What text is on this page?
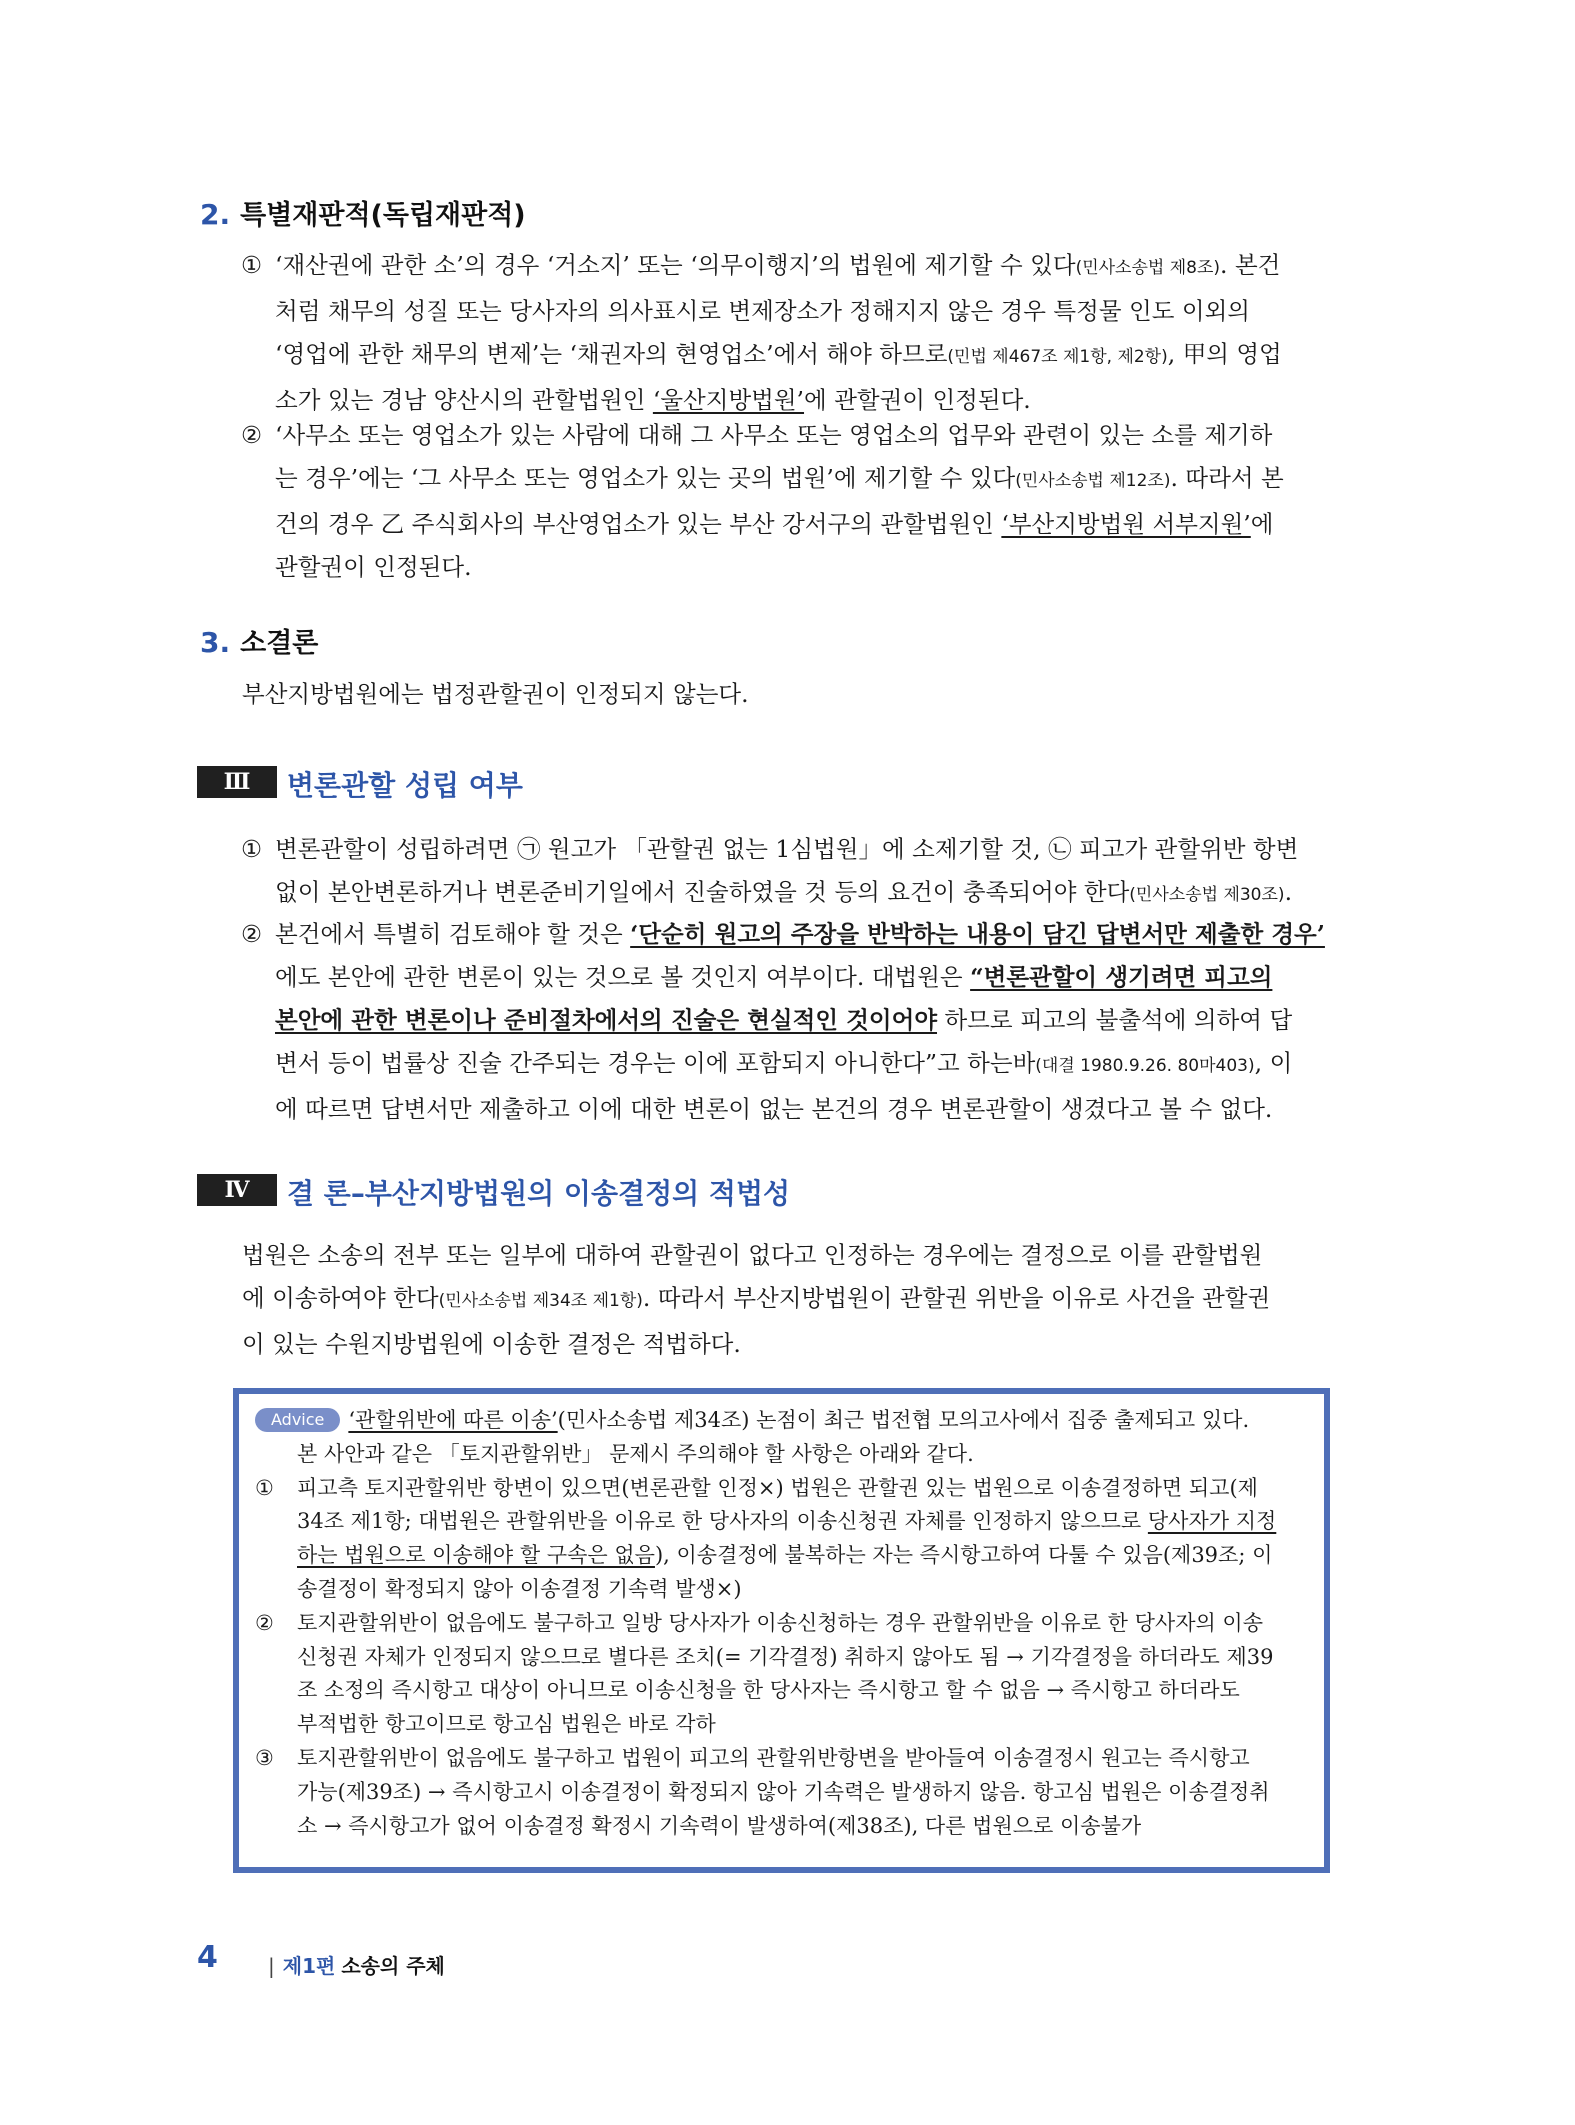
2. 특별재판적(독립재판적)
① ‘재산권에 관한 소’의 경우 ‘거소지’ 또는 ‘의무이행지’의 법원에 제기할 수 있다(민사소송법 제8조). 본건
처럼 채무의 성질 또는 당사자의 의사표시로 변제장소가 정해지지 않은 경우 특정물 인도 이외의
‘영업에 관한 채무의 변제’는 ‘채권자의 현영업소’에서 해야 하므로(민법 제467조 제1항, 제2항), 甲의 영업
소가 있는 경남 양산시의 관할법원인 ‘울산지방법원’에 관할권이 인정된다.
② ‘사무소 또는 영업소가 있는 사람에 대해 그 사무소 또는 영업소의 업무와 관련이 있는 소를 제기하
는 경우’에는 ‘그 사무소 또는 영업소가 있는 곳의 법원’에 제기할 수 있다(민사소송법 제12조). 따라서 본
건의 경우 乙 주식회사의 부산영업소가 있는 부산 강서구의 관할법원인 ‘부산지방법원 서부지원’에
관할권이 인정된다.
3. 소결론
부산지방법원에는 법정관할권이 인정되지 않는다.
Ⅲ	변론관할 성립 여부
① 변론관할이 성립하려면 ㉠ 원고가 「관할권 없는 1심법원」에 소제기할 것, ㉡ 피고가 관할위반 항변
없이 본안변론하거나 변론준비기일에서 진술하였을 것 등의 요건이 충족되어야 한다(민사소송법 제30조).
② 본건에서 특별히 검토해야 할 것은 ‘단순히 원고의 주장을 반박하는 내용이 담긴 답변서만 제출한 경우’
에도 본안에 관한 변론이 있는 것으로 볼 것인지 여부이다. 대법원은 “변론관할이 생기려면 피고의
본안에 관한 변론이나 준비절차에서의 진술은 현실적인 것이어야 하므로 피고의 불출석에 의하여 답
변서 등이 법률상 진술 간주되는 경우는 이에 포함되지 아니한다”고 하는바(대결 1980.9.26. 80마403), 이
에 따르면 답변서만 제출하고 이에 대한 변론이 없는 본건의 경우 변론관할이 생겼다고 볼 수 없다.
Ⅳ	결 론–부산지방법원의 이송결정의 적법성
법원은 소송의 전부 또는 일부에 대하여 관할권이 없다고 인정하는 경우에는 결정으로 이를 관할법원
에 이송하여야 한다(민사소송법 제34조 제1항). 따라서 부산지방법원이 관할권 위반을 이유로 사건을 관할권
이 있는 수원지방법원에 이송한 결정은 적법하다.
Advice ‘관할위반에 따른 이송’(민사소송법 제34조) 논점이 최근 법전협 모의고사에서 집중 출제되고 있다.
본 사안과 같은 「토지관할위반」 문제시 주의해야 할 사항은 아래와 같다.
① 피고측 토지관할위반 항변이 있으면(변론관할 인정×) 법원은 관할권 있는 법원으로 이송결정하면 되고(제
34조 제1항; 대법원은 관할위반을 이유로 한 당사자의 이송신청권 자체를 인정하지 않으므로 당사자가 지정
하는 법원으로 이송해야 할 구속은 없음), 이송결정에 불복하는 자는 즉시항고하여 다툴 수 있음(제39조; 이
송결정이 확정되지 않아 이송결정 기속력 발생×)
② 토지관할위반이 없음에도 불구하고 일방 당사자가 이송신청하는 경우 관할위반을 이유로 한 당사자의 이송
신청권 자체가 인정되지 않으므로 별다른 조치(= 기각결정) 취하지 않아도 됨 → 기각결정을 하더라도 제39
조 소정의 즉시항고 대상이 아니므로 이송신청을 한 당사자는 즉시항고 할 수 없음 → 즉시항고 하더라도
부적법한 항고이므로 항고심 법원은 바로 각하
③ 토지관할위반이 없음에도 불구하고 법원이 피고의 관할위반항변을 받아들여 이송결정시 원고는 즉시항고
가능(제39조) → 즉시항고시 이송결정이 확정되지 않아 기속력은 발생하지 않음. 항고심 법원은 이송결정취
소 → 즉시항고가 없어 이송결정 확정시 기속력이 발생하여(제38조), 다른 법원으로 이송불가
4	| 제1편 소송의 주체
